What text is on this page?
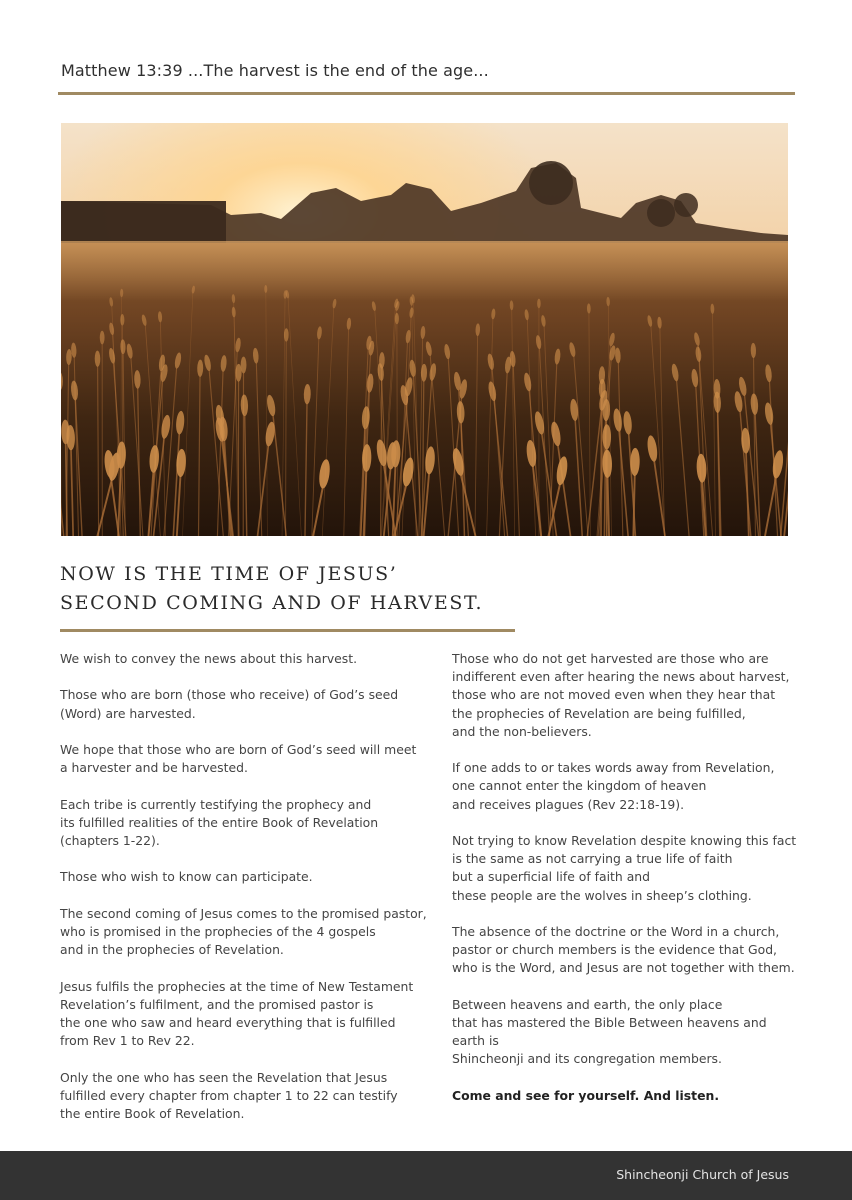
Matthew 13:39 ...The harvest is the end of the age...
NOW IS THE TIME OF JESUS’
SECOND COMING AND OF HARVEST.

We wish to convey the news about this harvest.

Those who are born (those who receive) of God’s seed
(Word) are harvested.

We hope that those who are born of God’s seed will meet
a harvester and be harvested.

Each tribe is currently testifying the prophecy and
its fulfilled realities of the entire Book of Revelation
(chapters 1-22).

Those who wish to know can participate.

The second coming of Jesus comes to the promised pastor,
who is promised in the prophecies of the 4 gospels
and in the prophecies of Revelation.

Jesus fulfils the prophecies at the time of New Testament
Revelation’s fulfilment, and the promised pastor is
the one who saw and heard everything that is fulfilled
from Rev 1 to Rev 22.

Only the one who has seen the Revelation that Jesus
fulfilled every chapter from chapter 1 to 22 can testify
the entire Book of Revelation.

Those who do not get harvested are those who are
indifferent even after hearing the news about harvest,
those who are not moved even when they hear that
the prophecies of Revelation are being fulfilled,
and the non-believers.

If one adds to or takes words away from Revelation,
one cannot enter the kingdom of heaven
and receives plagues (Rev 22:18-19).

Not trying to know Revelation despite knowing this fact
is the same as not carrying a true life of faith
but a superficial life of faith and
these people are the wolves in sheep’s clothing.

The absence of the doctrine or the Word in a church,
pastor or church members is the evidence that God,
who is the Word, and Jesus are not together with them.

Between heavens and earth, the only place
that has mastered the Bible Between heavens and earth is
Shincheonji and its congregation members.

Come and see for yourself. And listen.

Shincheonji Church of Jesus
